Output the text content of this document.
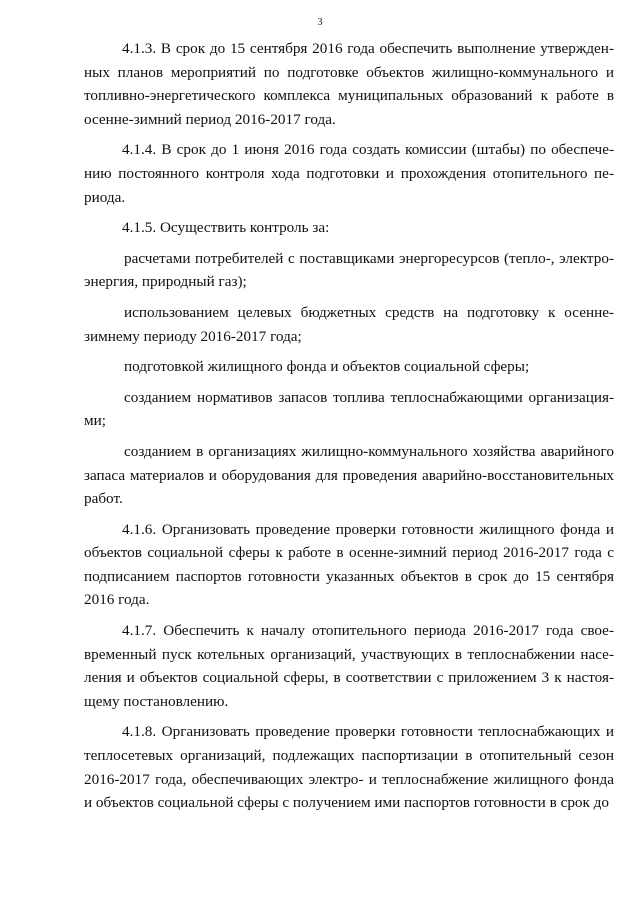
3

4.1.3. В срок до 15 сентября 2016 года обеспечить выполнение утвержденных планов мероприятий по подготовке объектов жилищно-коммунального и топливно-энергетического комплекса муниципальных образований к работе в осенне-зимний период 2016-2017 года.

4.1.4. В срок до 1 июня 2016 года создать комиссии (штабы) по обеспечению постоянного контроля хода подготовки и прохождения отопительного периода.

4.1.5. Осуществить контроль за:

расчетами потребителей с поставщиками энергоресурсов (тепло-, электро-энергия, природный газ);

использованием целевых бюджетных средств на подготовку к осенне-зимнему периоду 2016-2017 года;

подготовкой жилищного фонда и объектов социальной сферы;

созданием нормативов запасов топлива теплоснабжающими организациями;

созданием в организациях жилищно-коммунального хозяйства аварийного запаса материалов и оборудования для проведения аварийно-восстановительных работ.

4.1.6. Организовать проведение проверки готовности жилищного фонда и объектов социальной сферы к работе в осенне-зимний период 2016-2017 года с подписанием паспортов готовности указанных объектов в срок до 15 сентября 2016 года.

4.1.7. Обеспечить к началу отопительного периода 2016-2017 года своевременный пуск котельных организаций, участвующих в теплоснабжении населения и объектов социальной сферы, в соответствии с приложением 3 к настоящему постановлению.

4.1.8. Организовать проведение проверки готовности теплоснабжающих и теплосетевых организаций, подлежащих паспортизации в отопительный сезон 2016-2017 года, обеспечивающих электро- и теплоснабжение жилищного фонда и объектов социальной сферы с получением ими паспортов готовности в срок до
